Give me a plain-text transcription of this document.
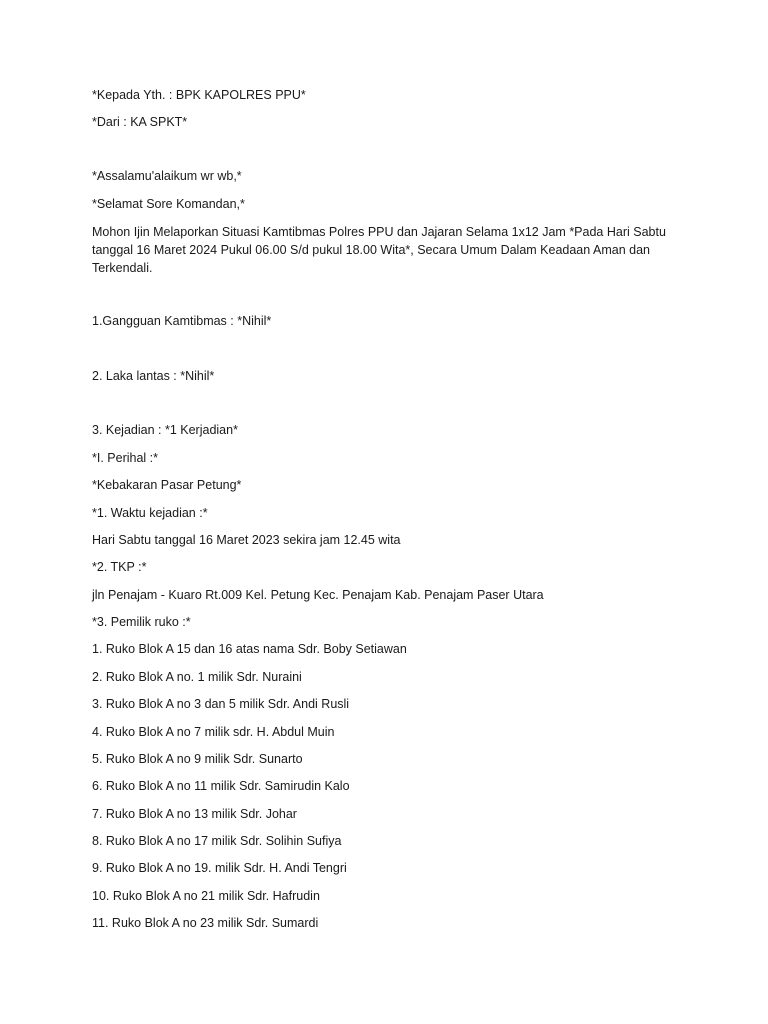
*Kepada Yth. : BPK KAPOLRES PPU*

*Dari : KA SPKT*

*Assalamu'alaikum wr wb,*

*Selamat Sore Komandan,*

Mohon Ijin Melaporkan Situasi Kamtibmas Polres PPU dan Jajaran Selama 1x12 Jam *Pada Hari Sabtu tanggal 16 Maret 2024 Pukul 06.00 S/d pukul 18.00 Wita*, Secara Umum Dalam Keadaan Aman dan Terkendali.

1.Gangguan Kamtibmas : *Nihil*

2. Laka lantas : *Nihil*

3. Kejadian : *1 Kerjadian*

*I. Perihal :*

*Kebakaran Pasar Petung*

*1. Waktu kejadian :*

Hari Sabtu tanggal 16 Maret 2023 sekira jam 12.45 wita

*2. TKP :*

jln Penajam - Kuaro Rt.009 Kel. Petung Kec. Penajam Kab. Penajam Paser Utara

*3. Pemilik ruko :*

1. Ruko Blok A 15 dan 16 atas nama Sdr. Boby Setiawan

2. Ruko Blok A no. 1 milik Sdr. Nuraini

3. Ruko Blok A no 3 dan 5 milik Sdr. Andi Rusli

4. Ruko Blok A no 7 milik sdr. H. Abdul Muin

5. Ruko Blok A no 9 milik Sdr. Sunarto

6. Ruko Blok A no 11 milik Sdr. Samirudin Kalo

7. Ruko Blok A no 13 milik Sdr. Johar

8. Ruko Blok A no 17 milik Sdr. Solihin Sufiya

9. Ruko Blok A no 19. milik Sdr. H. Andi Tengri

10. Ruko Blok A no 21 milik Sdr. Hafrudin

11. Ruko Blok A no 23 milik Sdr. Sumardi
